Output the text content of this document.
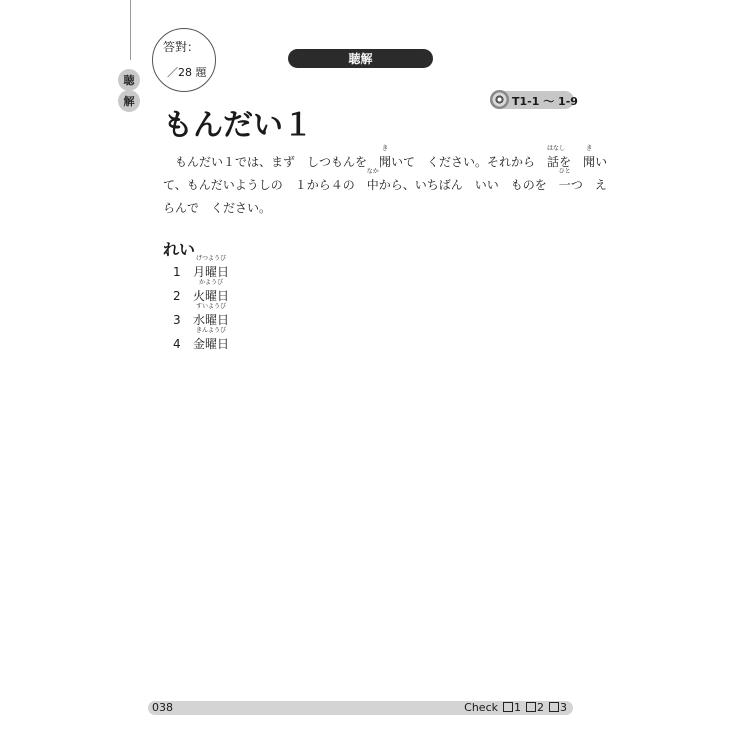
聴
解
答對：
／28 題
聴解
T1-1 ～ 1-9
もんだい１
もんだい１では、まず　しつもんを　聞
き
いて　ください。それから　話
はなし
を　聞
き
い
て、もんだいようしの　１から４の　中
なか
から、いちばん　いい　ものを　一
ひと
つ　え
らんで　ください。
れい
1 月曜日
げつようび
2 火曜日
かようび
3 水曜日
すいようび
4 金曜日
きんようび
038	Check 1 2 3
